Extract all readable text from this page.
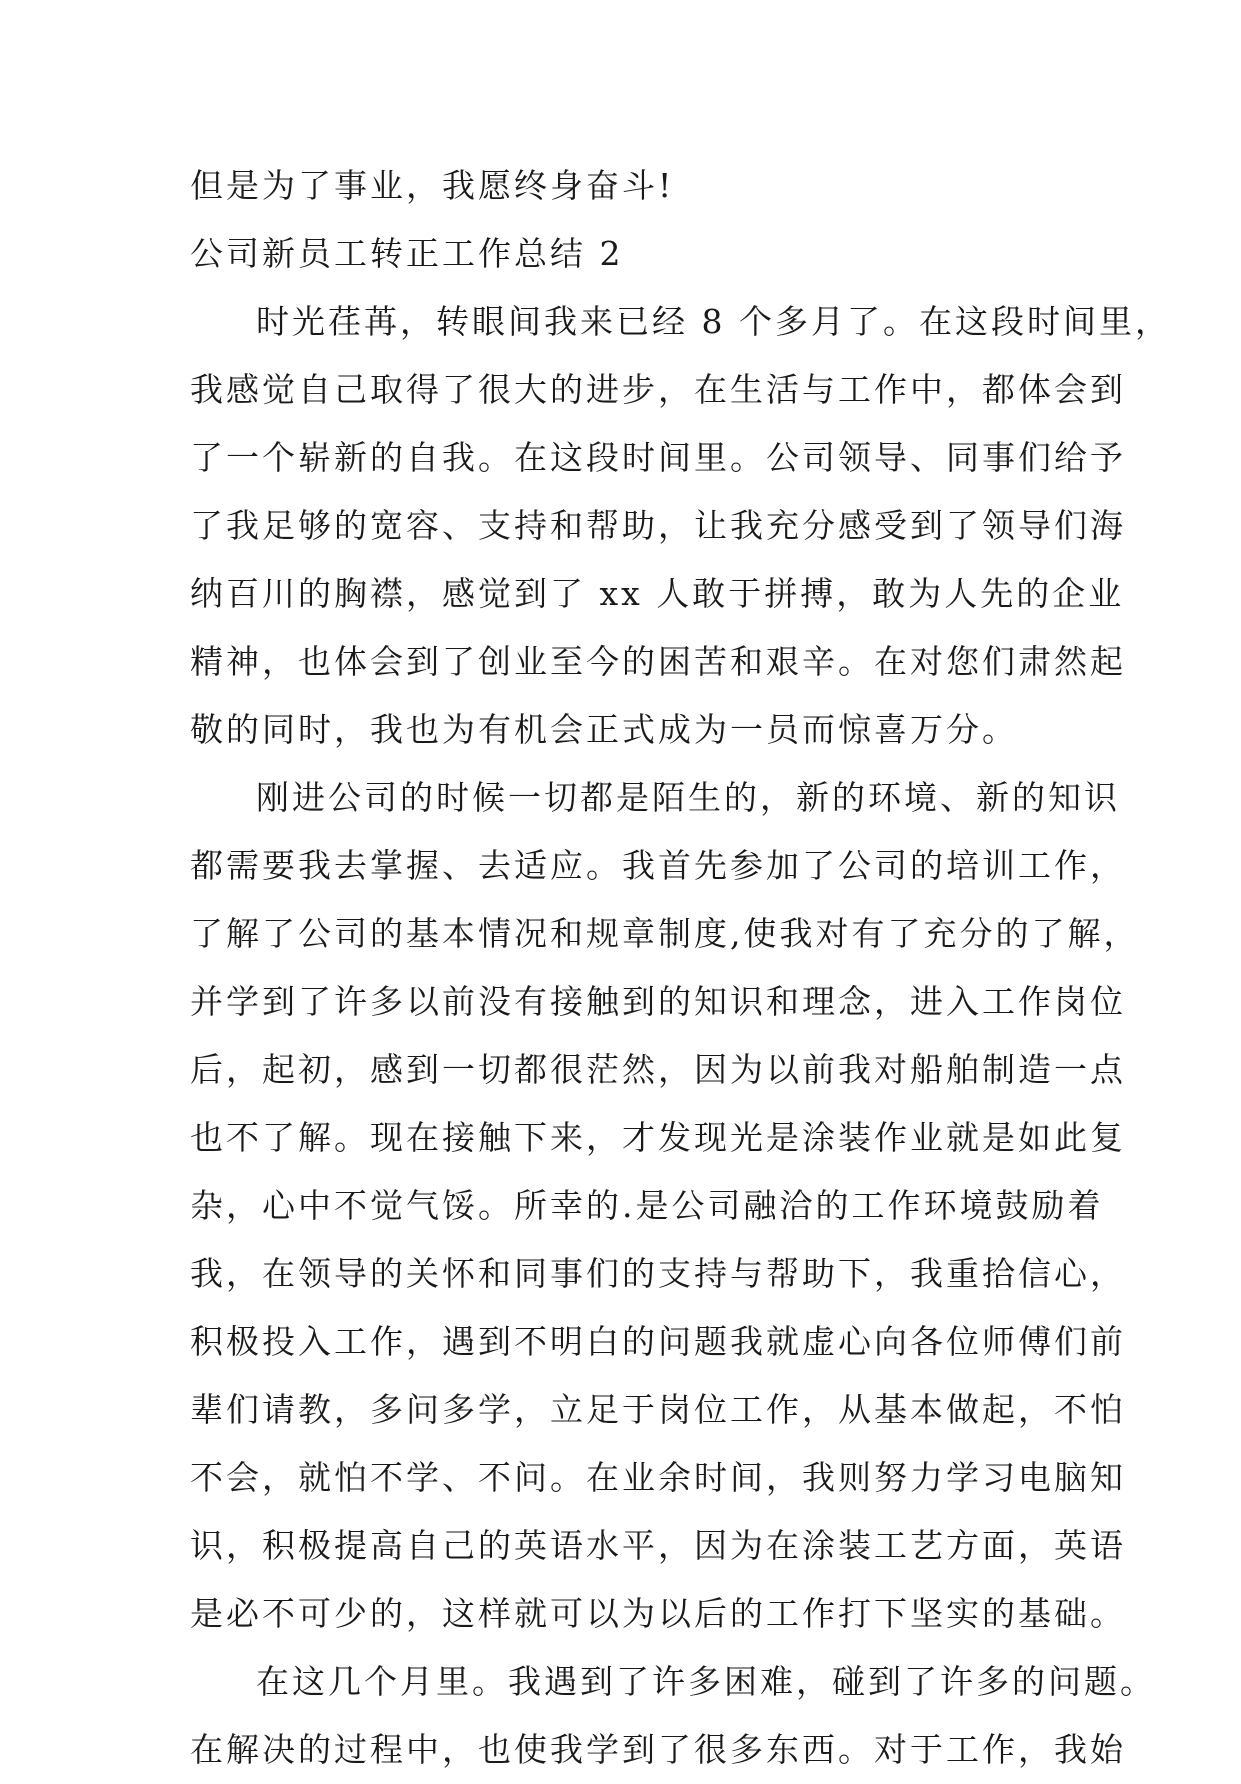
但是为了事业，我愿终身奋斗!
公司新员工转正工作总结 2
时光荏苒，转眼间我来已经 8 个多月了。在这段时间里，
我感觉自己取得了很大的进步，在生活与工作中，都体会到
了一个崭新的自我。在这段时间里。公司领导、同事们给予
了我足够的宽容、支持和帮助，让我充分感受到了领导们海
纳百川的胸襟，感觉到了 xx 人敢于拼搏，敢为人先的企业
精神，也体会到了创业至今的困苦和艰辛。在对您们肃然起
敬的同时，我也为有机会正式成为一员而惊喜万分。
刚进公司的时候一切都是陌生的，新的环境、新的知识
都需要我去掌握、去适应。我首先参加了公司的培训工作，
了解了公司的基本情况和规章制度,使我对有了充分的了解，
并学到了许多以前没有接触到的知识和理念，进入工作岗位
后，起初，感到一切都很茫然，因为以前我对船舶制造一点
也不了解。现在接触下来，才发现光是涂装作业就是如此复
杂，心中不觉气馁。所幸的.是公司融洽的工作环境鼓励着
我，在领导的关怀和同事们的支持与帮助下，我重拾信心，
积极投入工作，遇到不明白的问题我就虚心向各位师傅们前
辈们请教，多问多学，立足于岗位工作，从基本做起，不怕
不会，就怕不学、不问。在业余时间，我则努力学习电脑知
识，积极提高自己的英语水平，因为在涂装工艺方面，英语
是必不可少的，这样就可以为以后的工作打下坚实的基础。
在这几个月里。我遇到了许多困难，碰到了许多的问题。
在解决的过程中，也使我学到了很多东西。对于工作，我始
